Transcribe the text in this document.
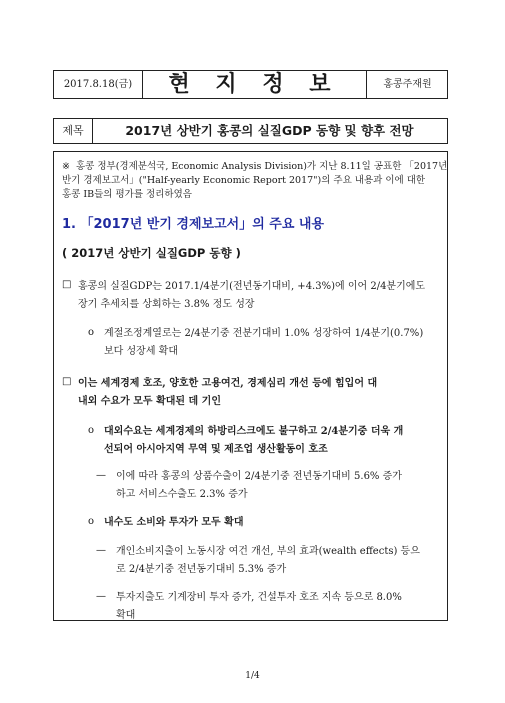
2017.8.18(금)	현 지 정 보	홍콩주재원
제목	2017년 상반기 홍콩의 실질GDP 동향 및 향후 전망
※ 홍콩 정부(경제분석국, Economic Analysis Division)가 지난 8.11일 공표한 「2017년
반기 경제보고서」("Half-yearly Economic Report 2017")의 주요 내용과 이에 대한
홍콩 IB들의 평가를 정리하였음
1. 「2017년 반기 경제보고서」의 주요 내용
( 2017년 상반기 실질GDP 동향 )
□ 홍콩의 실질GDP는 2017.1/4분기(전년동기대비, +4.3%)에 이어 2/4분기에도
장기 추세치를 상회하는 3.8% 정도 성장
o 계절조정계열로는 2/4분기중 전분기대비 1.0% 성장하여 1/4분기(0.7%)
보다 성장세 확대
□ 이는 세계경제 호조, 양호한 고용여건, 경제심리 개선 등에 힘입어 대
내외 수요가 모두 확대된 데 기인
o 대외수요는 세계경제의 하방리스크에도 불구하고 2/4분기중 더욱 개
선되어 아시아지역 무역 및 제조업 생산활동이 호조
— 이에 따라 홍콩의 상품수출이 2/4분기중 전년동기대비 5.6% 증가
하고 서비스수출도 2.3% 증가
o 내수도 소비와 투자가 모두 확대
— 개인소비지출이 노동시장 여건 개선, 부의 효과(wealth effects) 등으
로 2/4분기중 전년동기대비 5.3% 증가
— 투자지출도 기계장비 투자 증가, 건설투자 호조 지속 등으로 8.0%
확대
1/4
